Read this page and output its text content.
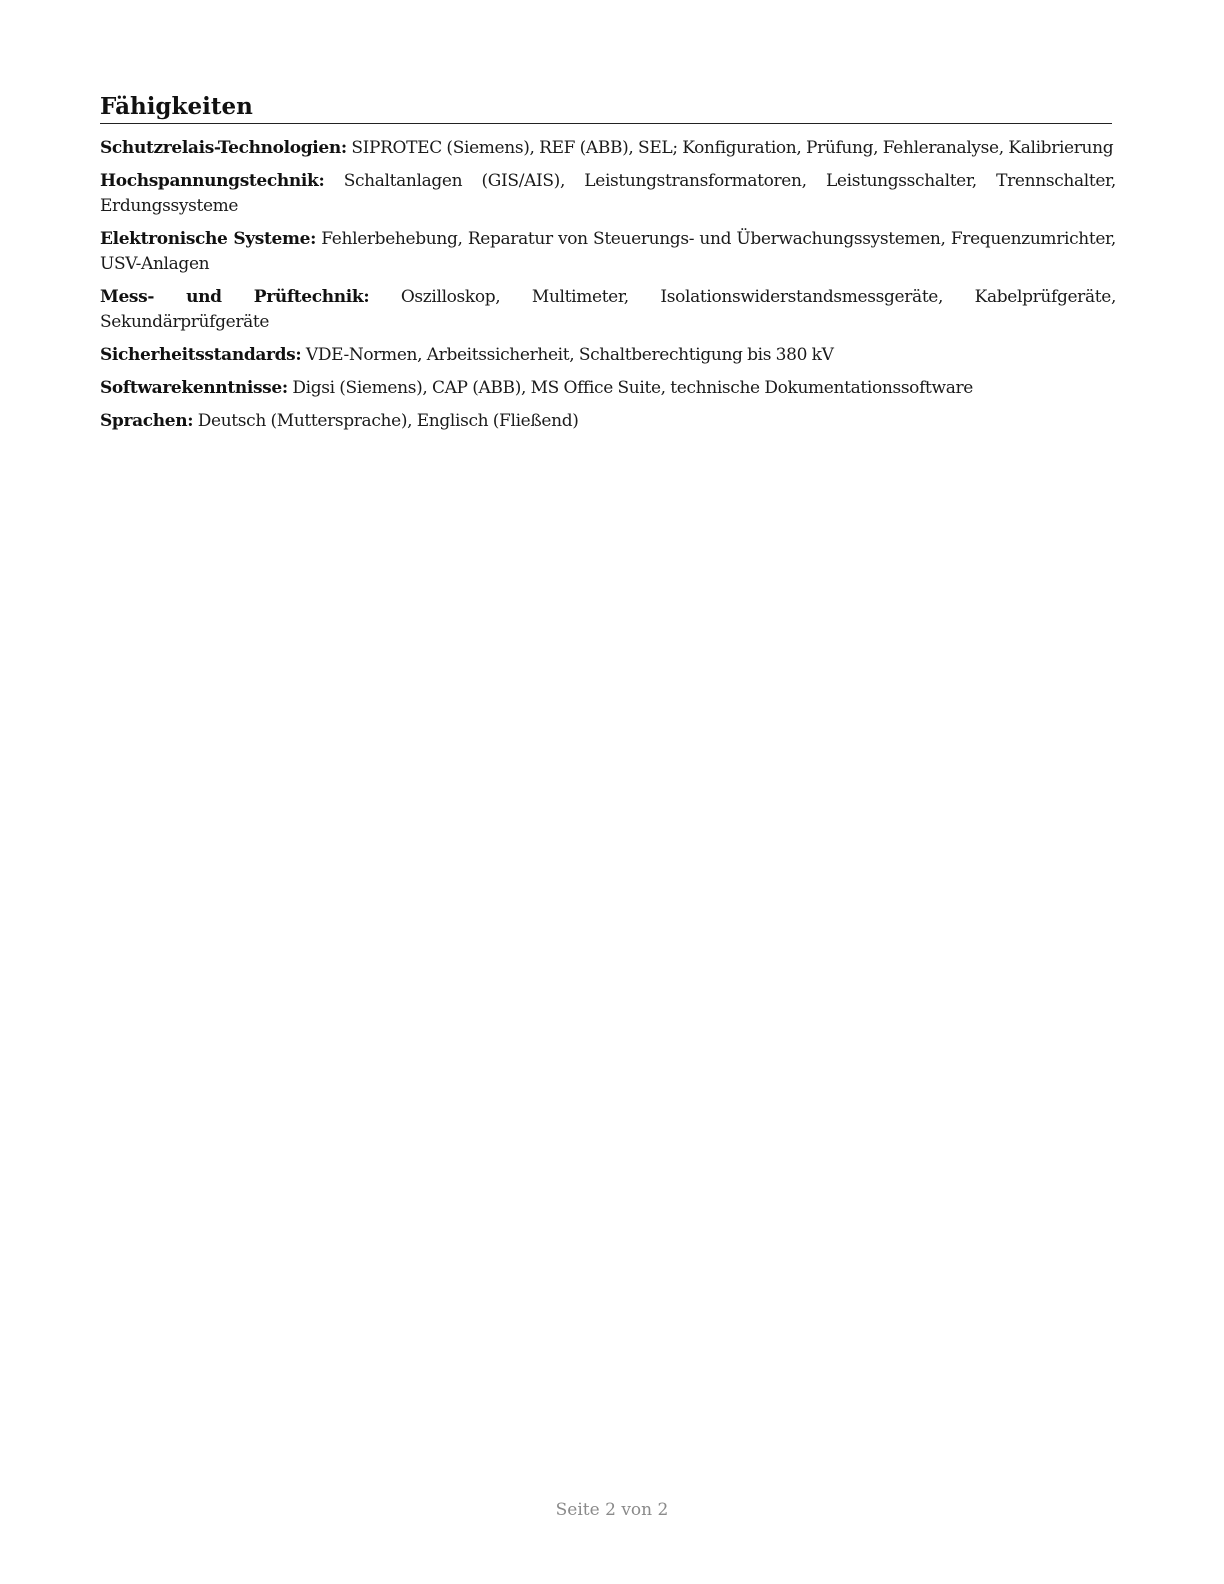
Fähigkeiten

Schutzrelais-Technologien: SIPROTEC (Siemens), REF (ABB), SEL; Konfiguration, Prüfung, Fehleranalyse, Kalibrierung

Hochspannungstechnik: Schaltanlagen (GIS/AIS), Leistungstransformatoren, Leistungsschalter, Trennschalter, Erdungssysteme

Elektronische Systeme: Fehlerbehebung, Reparatur von Steuerungs- und Überwachungssystemen, Frequenzumrichter, USV-Anlagen

Mess- und Prüftechnik: Oszilloskop, Multimeter, Isolationswiderstandsmessgeräte, Kabelprüfgeräte, Sekundärprüfgeräte

Sicherheitsstandards: VDE-Normen, Arbeitssicherheit, Schaltberechtigung bis 380 kV

Softwarekenntnisse: Digsi (Siemens), CAP (ABB), MS Office Suite, technische Dokumentationssoftware

Sprachen: Deutsch (Muttersprache), Englisch (Fließend)

Seite 2 von 2
